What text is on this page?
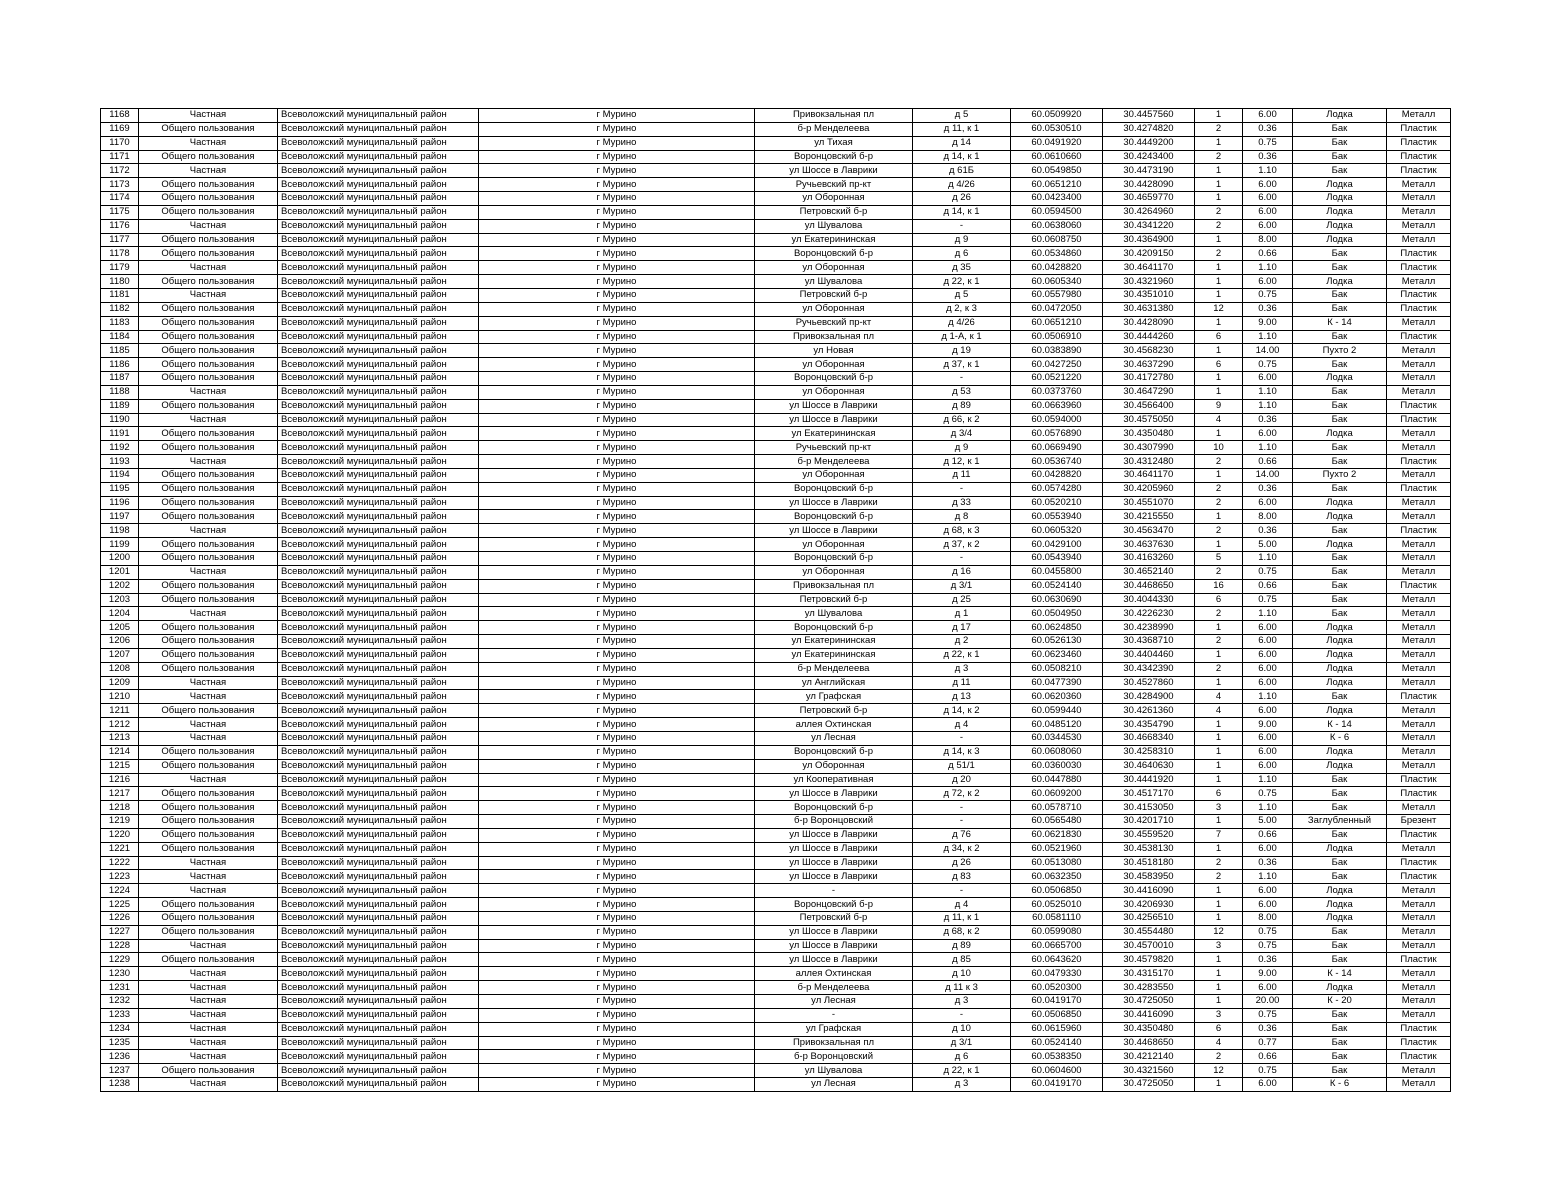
1168	Частная	Всеволожский муниципальный район	г Мурино	Привокзальная пл	д 5	60.0509920	30.4457560	1	6.00	Лодка	Металл
1169	Общего пользования	Всеволожский муниципальный район	г Мурино	б-р Менделеева	д 11, к 1	60.0530510	30.4274820	2	0.36	Бак	Пластик
1170	Частная	Всеволожский муниципальный район	г Мурино	ул Тихая	д 14	60.0491920	30.4449200	1	0.75	Бак	Пластик
1171	Общего пользования	Всеволожский муниципальный район	г Мурино	Воронцовский б-р	д 14, к 1	60.0610660	30.4243400	2	0.36	Бак	Пластик
1172	Частная	Всеволожский муниципальный район	г Мурино	ул Шоссе в Лаврики	д 61Б	60.0549850	30.4473190	1	1.10	Бак	Пластик
1173	Общего пользования	Всеволожский муниципальный район	г Мурино	Ручьевский пр-кт	д 4/26	60.0651210	30.4428090	1	6.00	Лодка	Металл
1174	Общего пользования	Всеволожский муниципальный район	г Мурино	ул Оборонная	д 26	60.0423400	30.4659770	1	6.00	Лодка	Металл
1175	Общего пользования	Всеволожский муниципальный район	г Мурино	Петровский б-р	д 14, к 1	60.0594500	30.4264960	2	6.00	Лодка	Металл
1176	Частная	Всеволожский муниципальный район	г Мурино	ул Шувалова	-	60.0638060	30.4341220	2	6.00	Лодка	Металл
1177	Общего пользования	Всеволожский муниципальный район	г Мурино	ул Екатерининская	д 9	60.0608750	30.4364900	1	8.00	Лодка	Металл
1178	Общего пользования	Всеволожский муниципальный район	г Мурино	Воронцовский б-р	д 6	60.0534860	30.4209150	2	0.66	Бак	Пластик
1179	Частная	Всеволожский муниципальный район	г Мурино	ул Оборонная	д 35	60.0428820	30.4641170	1	1.10	Бак	Пластик
1180	Общего пользования	Всеволожский муниципальный район	г Мурино	ул Шувалова	д 22, к 1	60.0605340	30.4321960	1	6.00	Лодка	Металл
1181	Частная	Всеволожский муниципальный район	г Мурино	Петровский б-р	д 5	60.0557980	30.4351010	1	0.75	Бак	Пластик
1182	Общего пользования	Всеволожский муниципальный район	г Мурино	ул Оборонная	д 2, к 3	60.0472050	30.4631380	12	0.36	Бак	Пластик
1183	Общего пользования	Всеволожский муниципальный район	г Мурино	Ручьевский пр-кт	д 4/26	60.0651210	30.4428090	1	9.00	К - 14	Металл
1184	Общего пользования	Всеволожский муниципальный район	г Мурино	Привокзальная пл	д 1-А, к 1	60.0506910	30.4444260	6	1.10	Бак	Пластик
1185	Общего пользования	Всеволожский муниципальный район	г Мурино	ул Новая	д 19	60.0383890	30.4568230	1	14.00	Пухто 2	Металл
1186	Общего пользования	Всеволожский муниципальный район	г Мурино	ул Оборонная	д 37, к 1	60.0427250	30.4637290	6	0.75	Бак	Металл
1187	Общего пользования	Всеволожский муниципальный район	г Мурино	Воронцовский б-р	-	60.0521220	30.4172780	1	6.00	Лодка	Металл
1188	Частная	Всеволожский муниципальный район	г Мурино	ул Оборонная	д 53	60.0373760	30.4647290	1	1.10	Бак	Металл
1189	Общего пользования	Всеволожский муниципальный район	г Мурино	ул Шоссе в Лаврики	д 89	60.0663960	30.4566400	9	1.10	Бак	Пластик
1190	Частная	Всеволожский муниципальный район	г Мурино	ул Шоссе в Лаврики	д 66, к 2	60.0594000	30.4575050	4	0.36	Бак	Пластик
1191	Общего пользования	Всеволожский муниципальный район	г Мурино	ул Екатерининская	д 3/4	60.0576890	30.4350480	1	6.00	Лодка	Металл
1192	Общего пользования	Всеволожский муниципальный район	г Мурино	Ручьевский пр-кт	д 9	60.0669490	30.4307990	10	1.10	Бак	Металл
1193	Частная	Всеволожский муниципальный район	г Мурино	б-р Менделеева	д 12, к 1	60.0536740	30.4312480	2	0.66	Бак	Пластик
1194	Общего пользования	Всеволожский муниципальный район	г Мурино	ул Оборонная	д 11	60.0428820	30.4641170	1	14.00	Пухто 2	Металл
1195	Общего пользования	Всеволожский муниципальный район	г Мурино	Воронцовский б-р	-	60.0574280	30.4205960	2	0.36	Бак	Пластик
1196	Общего пользования	Всеволожский муниципальный район	г Мурино	ул Шоссе в Лаврики	д 33	60.0520210	30.4551070	2	6.00	Лодка	Металл
1197	Общего пользования	Всеволожский муниципальный район	г Мурино	Воронцовский б-р	д 8	60.0553940	30.4215550	1	8.00	Лодка	Металл
1198	Частная	Всеволожский муниципальный район	г Мурино	ул Шоссе в Лаврики	д 68, к 3	60.0605320	30.4563470	2	0.36	Бак	Пластик
1199	Общего пользования	Всеволожский муниципальный район	г Мурино	ул Оборонная	д 37, к 2	60.0429100	30.4637630	1	5.00	Лодка	Металл
1200	Общего пользования	Всеволожский муниципальный район	г Мурино	Воронцовский б-р	-	60.0543940	30.4163260	5	1.10	Бак	Металл
1201	Частная	Всеволожский муниципальный район	г Мурино	ул Оборонная	д 16	60.0455800	30.4652140	2	0.75	Бак	Металл
1202	Общего пользования	Всеволожский муниципальный район	г Мурино	Привокзальная пл	д 3/1	60.0524140	30.4468650	16	0.66	Бак	Пластик
1203	Общего пользования	Всеволожский муниципальный район	г Мурино	Петровский б-р	д 25	60.0630690	30.4044330	6	0.75	Бак	Металл
1204	Частная	Всеволожский муниципальный район	г Мурино	ул Шувалова	д 1	60.0504950	30.4226230	2	1.10	Бак	Металл
1205	Общего пользования	Всеволожский муниципальный район	г Мурино	Воронцовский б-р	д 17	60.0624850	30.4238990	1	6.00	Лодка	Металл
1206	Общего пользования	Всеволожский муниципальный район	г Мурино	ул Екатерининская	д 2	60.0526130	30.4368710	2	6.00	Лодка	Металл
1207	Общего пользования	Всеволожский муниципальный район	г Мурино	ул Екатерининская	д 22, к 1	60.0623460	30.4404460	1	6.00	Лодка	Металл
1208	Общего пользования	Всеволожский муниципальный район	г Мурино	б-р Менделеева	д 3	60.0508210	30.4342390	2	6.00	Лодка	Металл
1209	Частная	Всеволожский муниципальный район	г Мурино	ул Английская	д 11	60.0477390	30.4527860	1	6.00	Лодка	Металл
1210	Частная	Всеволожский муниципальный район	г Мурино	ул Графская	д 13	60.0620360	30.4284900	4	1.10	Бак	Пластик
1211	Общего пользования	Всеволожский муниципальный район	г Мурино	Петровский б-р	д 14, к 2	60.0599440	30.4261360	4	6.00	Лодка	Металл
1212	Частная	Всеволожский муниципальный район	г Мурино	аллея Охтинская	д 4	60.0485120	30.4354790	1	9.00	К - 14	Металл
1213	Частная	Всеволожский муниципальный район	г Мурино	ул Лесная	-	60.0344530	30.4668340	1	6.00	К - 6	Металл
1214	Общего пользования	Всеволожский муниципальный район	г Мурино	Воронцовский б-р	д 14, к 3	60.0608060	30.4258310	1	6.00	Лодка	Металл
1215	Общего пользования	Всеволожский муниципальный район	г Мурино	ул Оборонная	д 51/1	60.0360030	30.4640630	1	6.00	Лодка	Металл
1216	Частная	Всеволожский муниципальный район	г Мурино	ул Кооперативная	д 20	60.0447880	30.4441920	1	1.10	Бак	Пластик
1217	Общего пользования	Всеволожский муниципальный район	г Мурино	ул Шоссе в Лаврики	д 72, к 2	60.0609200	30.4517170	6	0.75	Бак	Пластик
1218	Общего пользования	Всеволожский муниципальный район	г Мурино	Воронцовский б-р	-	60.0578710	30.4153050	3	1.10	Бак	Металл
1219	Общего пользования	Всеволожский муниципальный район	г Мурино	б-р Воронцовский	-	60.0565480	30.4201710	1	5.00	Заглубленный	Брезент
1220	Общего пользования	Всеволожский муниципальный район	г Мурино	ул Шоссе в Лаврики	д 76	60.0621830	30.4559520	7	0.66	Бак	Пластик
1221	Общего пользования	Всеволожский муниципальный район	г Мурино	ул Шоссе в Лаврики	д 34, к 2	60.0521960	30.4538130	1	6.00	Лодка	Металл
1222	Частная	Всеволожский муниципальный район	г Мурино	ул Шоссе в Лаврики	д 26	60.0513080	30.4518180	2	0.36	Бак	Пластик
1223	Частная	Всеволожский муниципальный район	г Мурино	ул Шоссе в Лаврики	д 83	60.0632350	30.4583950	2	1.10	Бак	Пластик
1224	Частная	Всеволожский муниципальный район	г Мурино	-	-	60.0506850	30.4416090	1	6.00	Лодка	Металл
1225	Общего пользования	Всеволожский муниципальный район	г Мурино	Воронцовский б-р	д 4	60.0525010	30.4206930	1	6.00	Лодка	Металл
1226	Общего пользования	Всеволожский муниципальный район	г Мурино	Петровский б-р	д 11, к 1	60.0581110	30.4256510	1	8.00	Лодка	Металл
1227	Общего пользования	Всеволожский муниципальный район	г Мурино	ул Шоссе в Лаврики	д 68, к 2	60.0599080	30.4554480	12	0.75	Бак	Металл
1228	Частная	Всеволожский муниципальный район	г Мурино	ул Шоссе в Лаврики	д 89	60.0665700	30.4570010	3	0.75	Бак	Металл
1229	Общего пользования	Всеволожский муниципальный район	г Мурино	ул Шоссе в Лаврики	д 85	60.0643620	30.4579820	1	0.36	Бак	Пластик
1230	Частная	Всеволожский муниципальный район	г Мурино	аллея Охтинская	д 10	60.0479330	30.4315170	1	9.00	К - 14	Металл
1231	Частная	Всеволожский муниципальный район	г Мурино	б-р Менделеева	д 11 к 3	60.0520300	30.4283550	1	6.00	Лодка	Металл
1232	Частная	Всеволожский муниципальный район	г Мурино	ул Лесная	д 3	60.0419170	30.4725050	1	20.00	К - 20	Металл
1233	Частная	Всеволожский муниципальный район	г Мурино	-	-	60.0506850	30.4416090	3	0.75	Бак	Металл
1234	Частная	Всеволожский муниципальный район	г Мурино	ул Графская	д 10	60.0615960	30.4350480	6	0.36	Бак	Пластик
1235	Частная	Всеволожский муниципальный район	г Мурино	Привокзальная пл	д 3/1	60.0524140	30.4468650	4	0.77	Бак	Пластик
1236	Частная	Всеволожский муниципальный район	г Мурино	б-р Воронцовский	д 6	60.0538350	30.4212140	2	0.66	Бак	Пластик
1237	Общего пользования	Всеволожский муниципальный район	г Мурино	ул Шувалова	д 22, к 1	60.0604600	30.4321560	12	0.75	Бак	Металл
1238	Частная	Всеволожский муниципальный район	г Мурино	ул Лесная	д 3	60.0419170	30.4725050	1	6.00	К - 6	Металл
